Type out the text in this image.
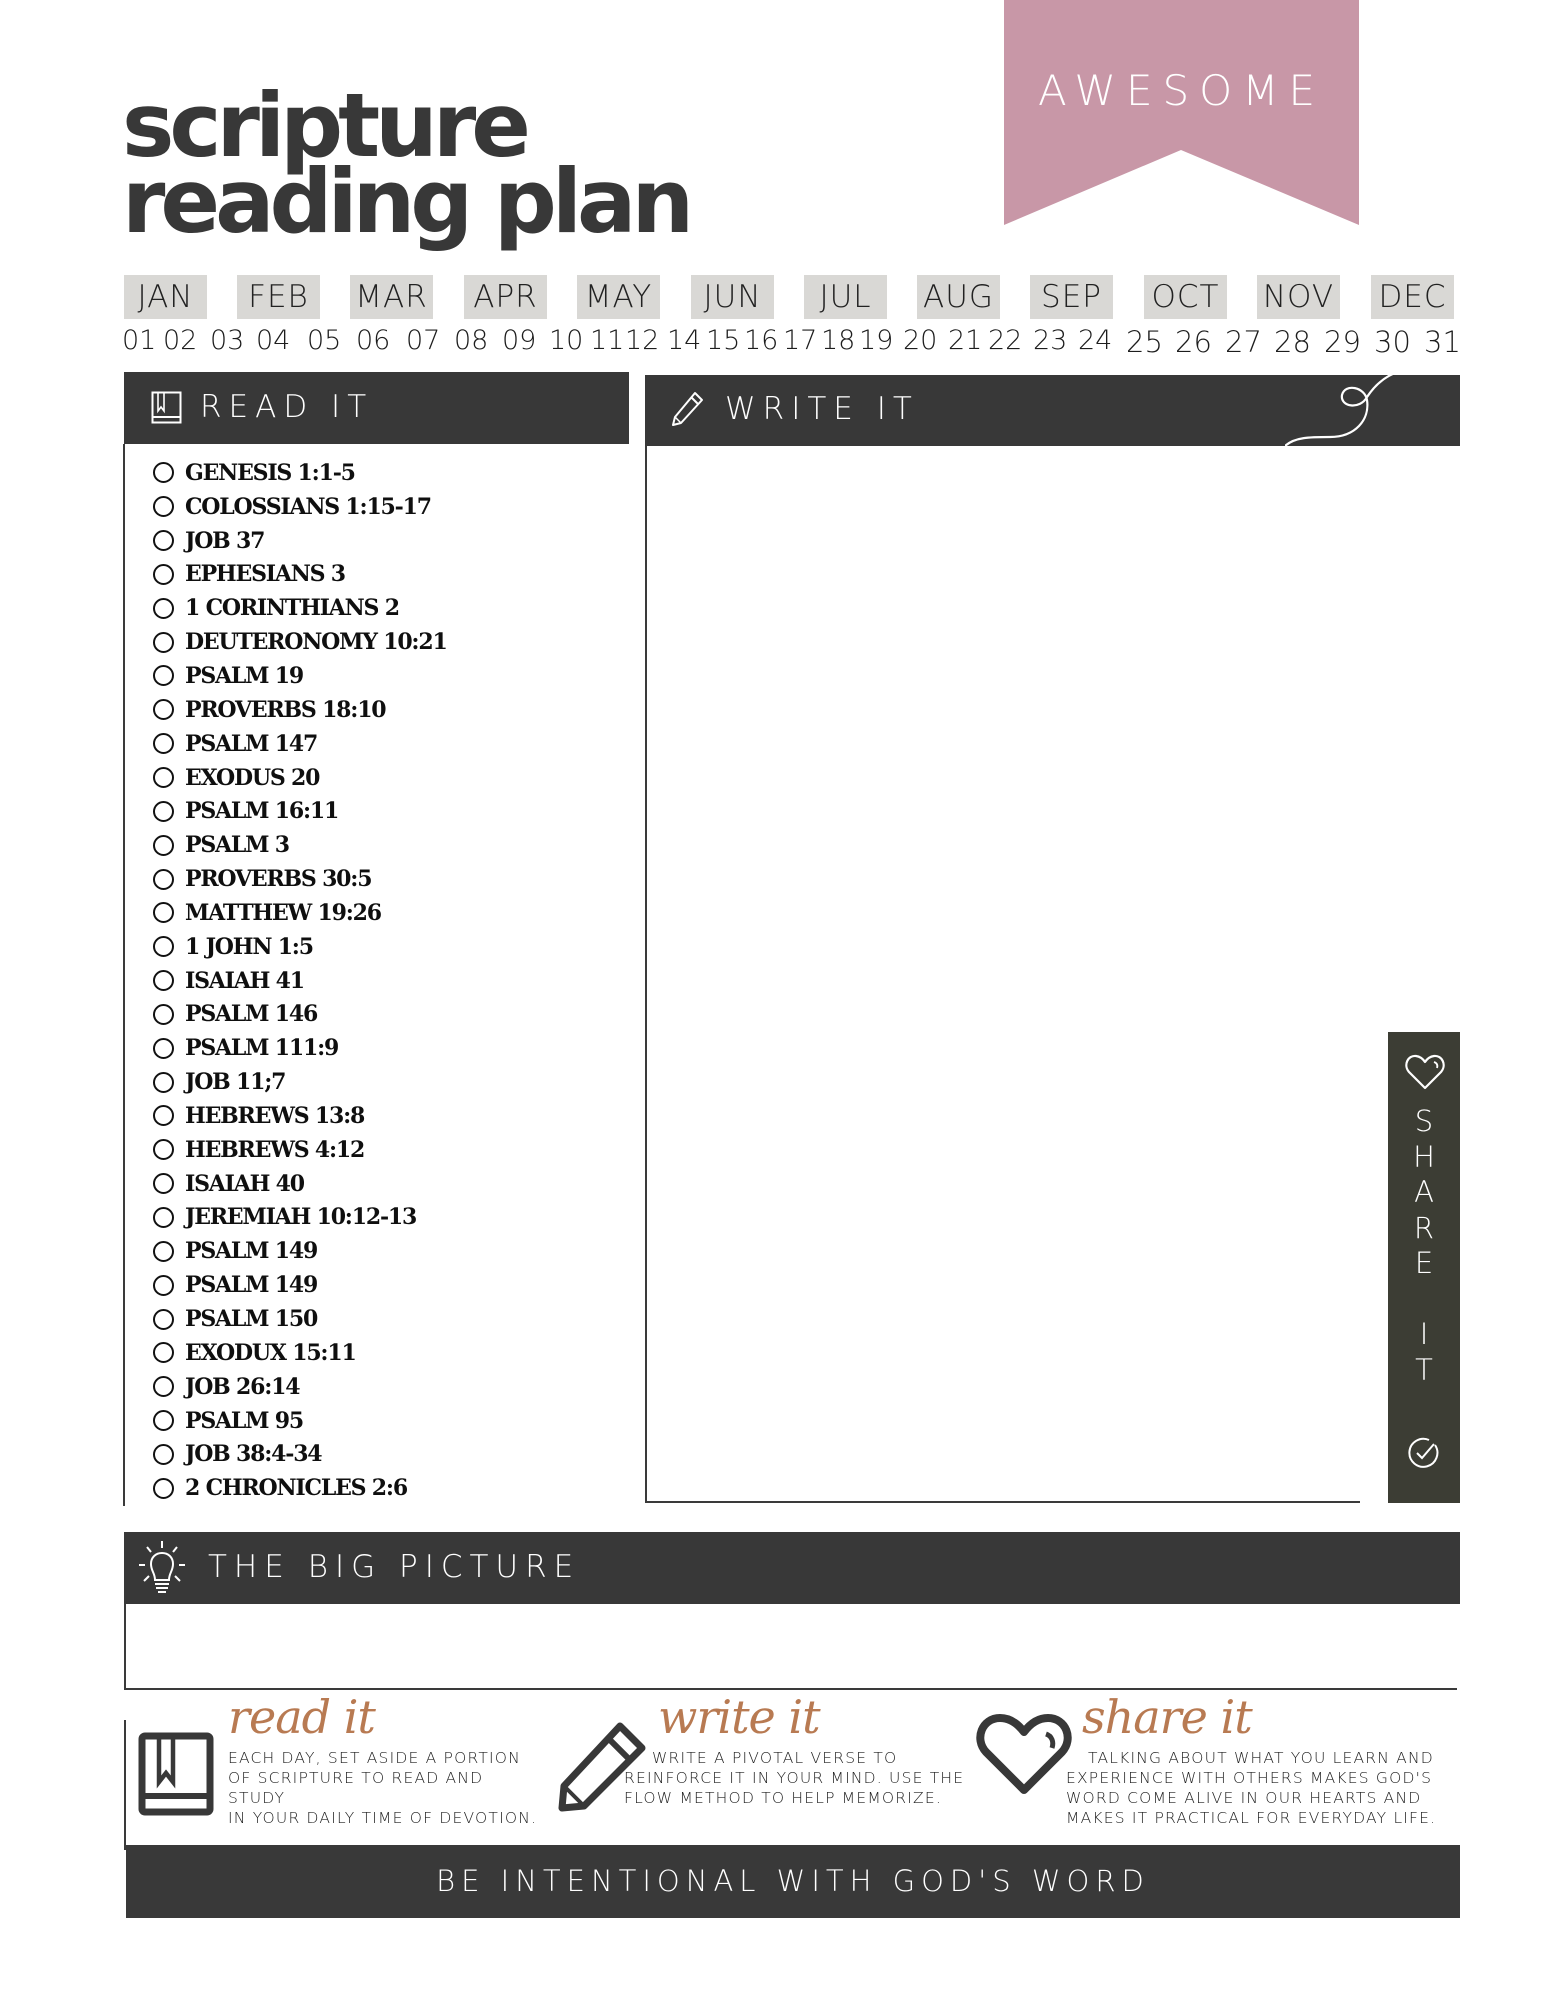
scripture
reading plan
AWESOME
JAN	FEB	MAR APR MAY	JUN	JUL	AUG	SEP	OCT NOV DEC
01 02 03 04 05 06 07 08 09 10 11 12 14 15 16 17 18 19 20 21 22 23 24 25 26 27 28 29 30 31
READ IT
GENESIS 1:1-5
COLOSSIANS 1:15-17
JOB 37
EPHESIANS 3
1 CORINTHIANS 2
DEUTERONOMY 10:21
PSALM 19
PROVERBS 18:10
PSALM 147
EXODUS 20
PSALM 16:11
PSALM 3
PROVERBS 30:5
MATTHEW 19:26
1 JOHN 1:5
ISAIAH 41
PSALM 146
PSALM 111:9
JOB 11;7
HEBREWS 13:8
HEBREWS 4:12
ISAIAH 40
JEREMIAH 10:12-13
PSALM 149
PSALM 149
PSALM 150
EXODUX 15:11
JOB 26:14
PSALM 95
JOB 38:4-34
2 CHRONICLES 2:6
WRITE IT
S
H
A
R
E
I
T
THE BIG PICTURE
read it
EACH DAY, SET ASIDE A PORTION
OF SCRIPTURE TO READ AND STUDY
IN YOUR DAILY TIME OF DEVOTION.
write it
WRITE A PIVOTAL VERSE TO
REINFORCE IT IN YOUR MIND. USE THE
FLOW METHOD TO HELP MEMORIZE.
share it
TALKING ABOUT WHAT YOU LEARN AND
EXPERIENCE WITH OTHERS MAKES GOD'S
WORD COME ALIVE IN OUR HEARTS AND
MAKES IT PRACTICAL FOR EVERYDAY LIFE.
BE INTENTIONAL WITH GOD'S WORD
